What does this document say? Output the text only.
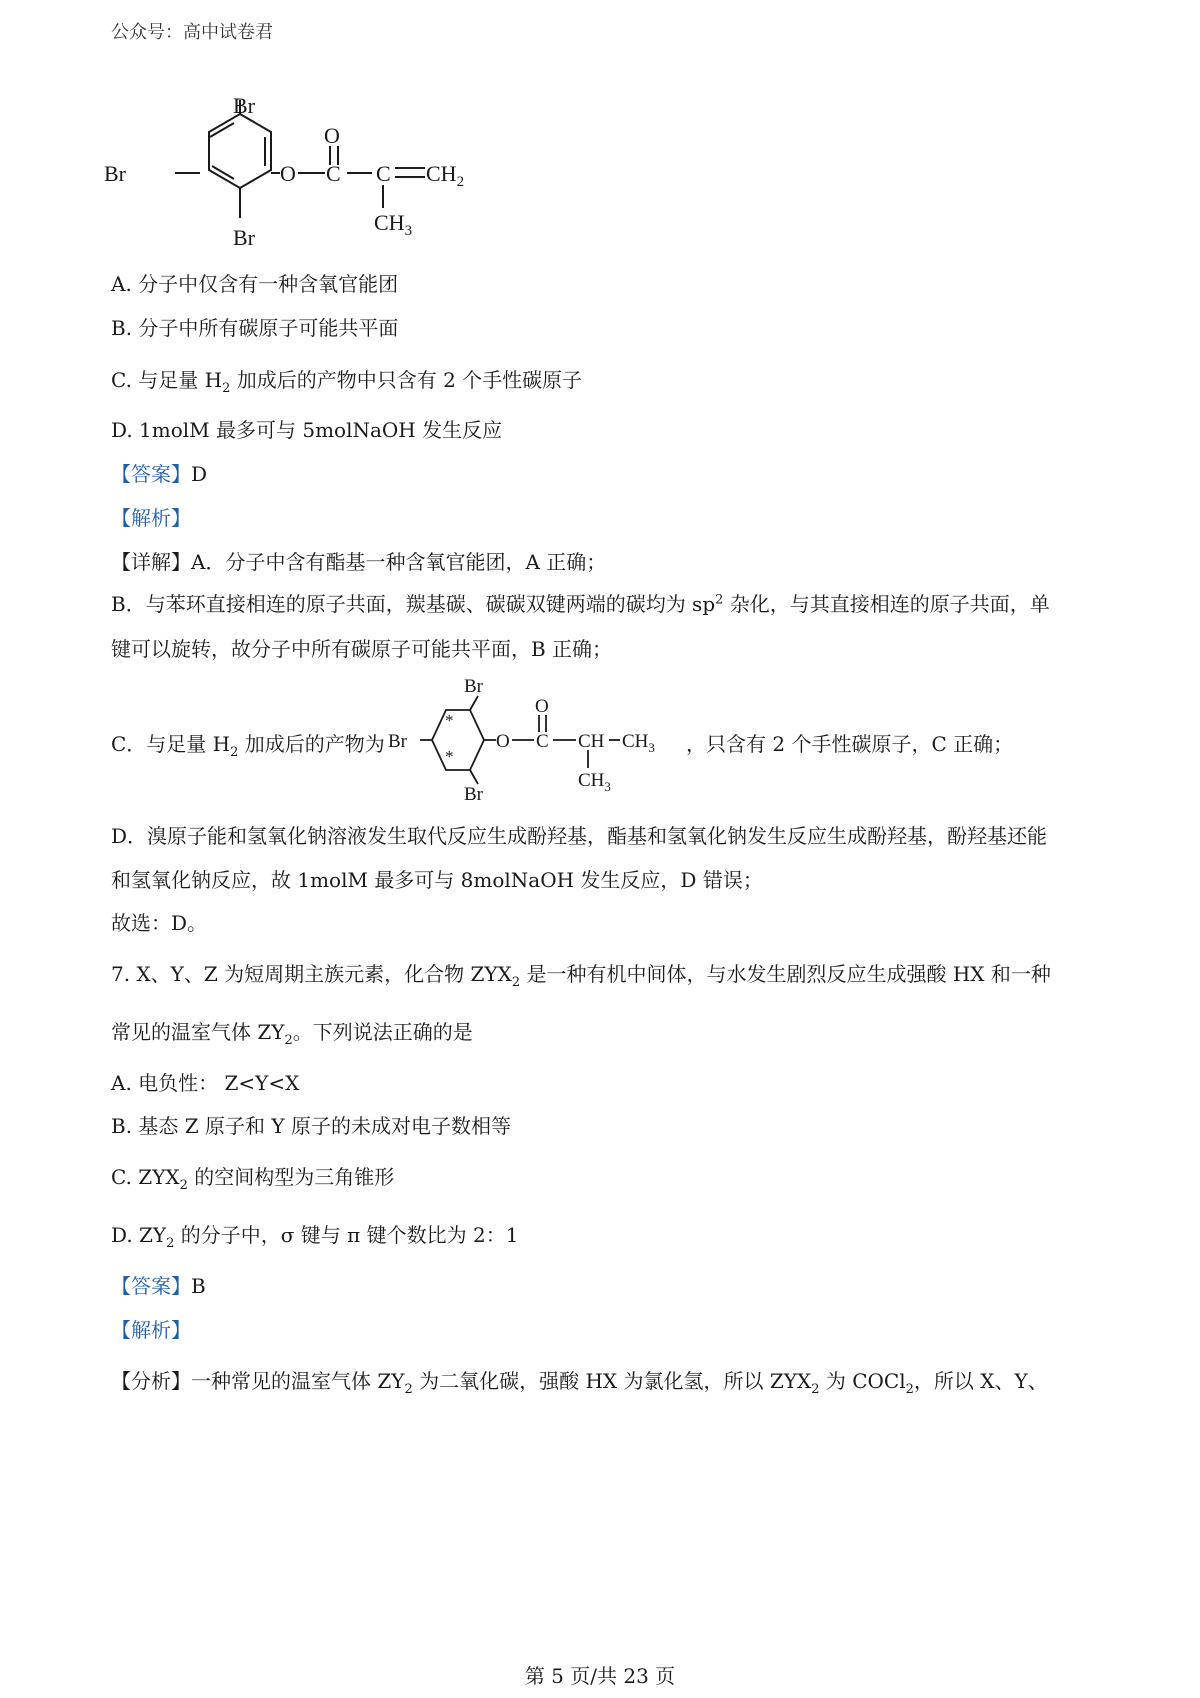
公众号：高中试卷君
Br
Br
Br
O
O
C C $CH_2$
$CH_3$
A. 分子中仅含有一种含氧官能团
B. 分子中所有碳原子可能共平面
C. 与足量 $H_2$ 加成后的产物中只含有 2 个手性碳原子
D. 1molM 最多可与 5molNaOH 发生反应
【答案】D
【解析】
【详解】A．分子中含有酯基一种含氧官能团，A 正确；
B．与苯环直接相连的原子共面，羰基碳、碳碳双键两端的碳均为 $sp^2$ 杂化，与其直接相连的原子共面，单
键可以旋转，故分子中所有碳原子可能共平面，B 正确；
C．与足量 $H_2$ 加成后的产物为
Br
Br
Br
*
*
O
O
C CH $CH_3$
$CH_3$
，只含有 2 个手性碳原子，C 正确；
D．溴原子能和氢氧化钠溶液发生取代反应生成酚羟基，酯基和氢氧化钠发生反应生成酚羟基，酚羟基还能
和氢氧化钠反应，故 1molM 最多可与 8molNaOH 发生反应，D 错误；
故选：D。
7. X、Y、Z 为短周期主族元素，化合物 $ZYX_2$ 是一种有机中间体，与水发生剧烈反应生成强酸 HX 和一种
常见的温室气体 $ZY_2$。下列说法正确的是
A. 电负性： Z<Y<X
B. 基态 Z 原子和 Y 原子的未成对电子数相等
C. $ZYX_2$ 的空间构型为三角锥形
D. $ZY_2$ 的分子中，σ 键与 π 键个数比为 2：1
【答案】B
【解析】
【分析】一种常见的温室气体 $ZY_2$ 为二氧化碳，强酸 HX 为氯化氢，所以 $ZYX_2$ 为 COCl$_2$，所以 X、Y、
第 5 页/共 23 页
